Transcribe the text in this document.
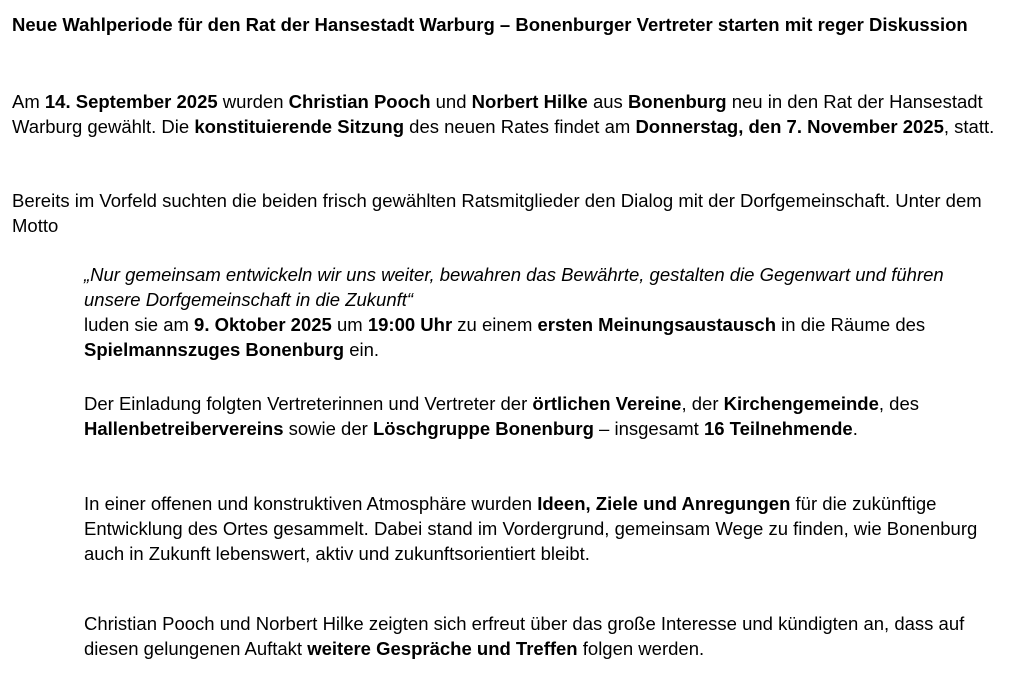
Neue Wahlperiode für den Rat der Hansestadt Warburg – Bonenburger Vertreter starten mit reger Diskussion

Am 14. September 2025 wurden Christian Pooch und Norbert Hilke aus Bonenburg neu in den Rat der Hansestadt Warburg gewählt. Die konstituierende Sitzung des neuen Rates findet am Donnerstag, den 7. November 2025, statt.

Bereits im Vorfeld suchten die beiden frisch gewählten Ratsmitglieder den Dialog mit der Dorfgemeinschaft. Unter dem Motto

„Nur gemeinsam entwickeln wir uns weiter, bewahren das Bewährte, gestalten die Gegenwart und führen unsere Dorfgemeinschaft in die Zukunft“
luden sie am 9. Oktober 2025 um 19:00 Uhr zu einem ersten Meinungsaustausch in die Räume des Spielmannszuges Bonenburg ein.

Der Einladung folgten Vertreterinnen und Vertreter der örtlichen Vereine, der Kirchengemeinde, des Hallenbetreibervereins sowie der Löschgruppe Bonenburg – insgesamt 16 Teilnehmende.

In einer offenen und konstruktiven Atmosphäre wurden Ideen, Ziele und Anregungen für die zukünftige Entwicklung des Ortes gesammelt. Dabei stand im Vordergrund, gemeinsam Wege zu finden, wie Bonenburg auch in Zukunft lebenswert, aktiv und zukunftsorientiert bleibt.

Christian Pooch und Norbert Hilke zeigten sich erfreut über das große Interesse und kündigten an, dass auf diesen gelungenen Auftakt weitere Gespräche und Treffen folgen werden.
